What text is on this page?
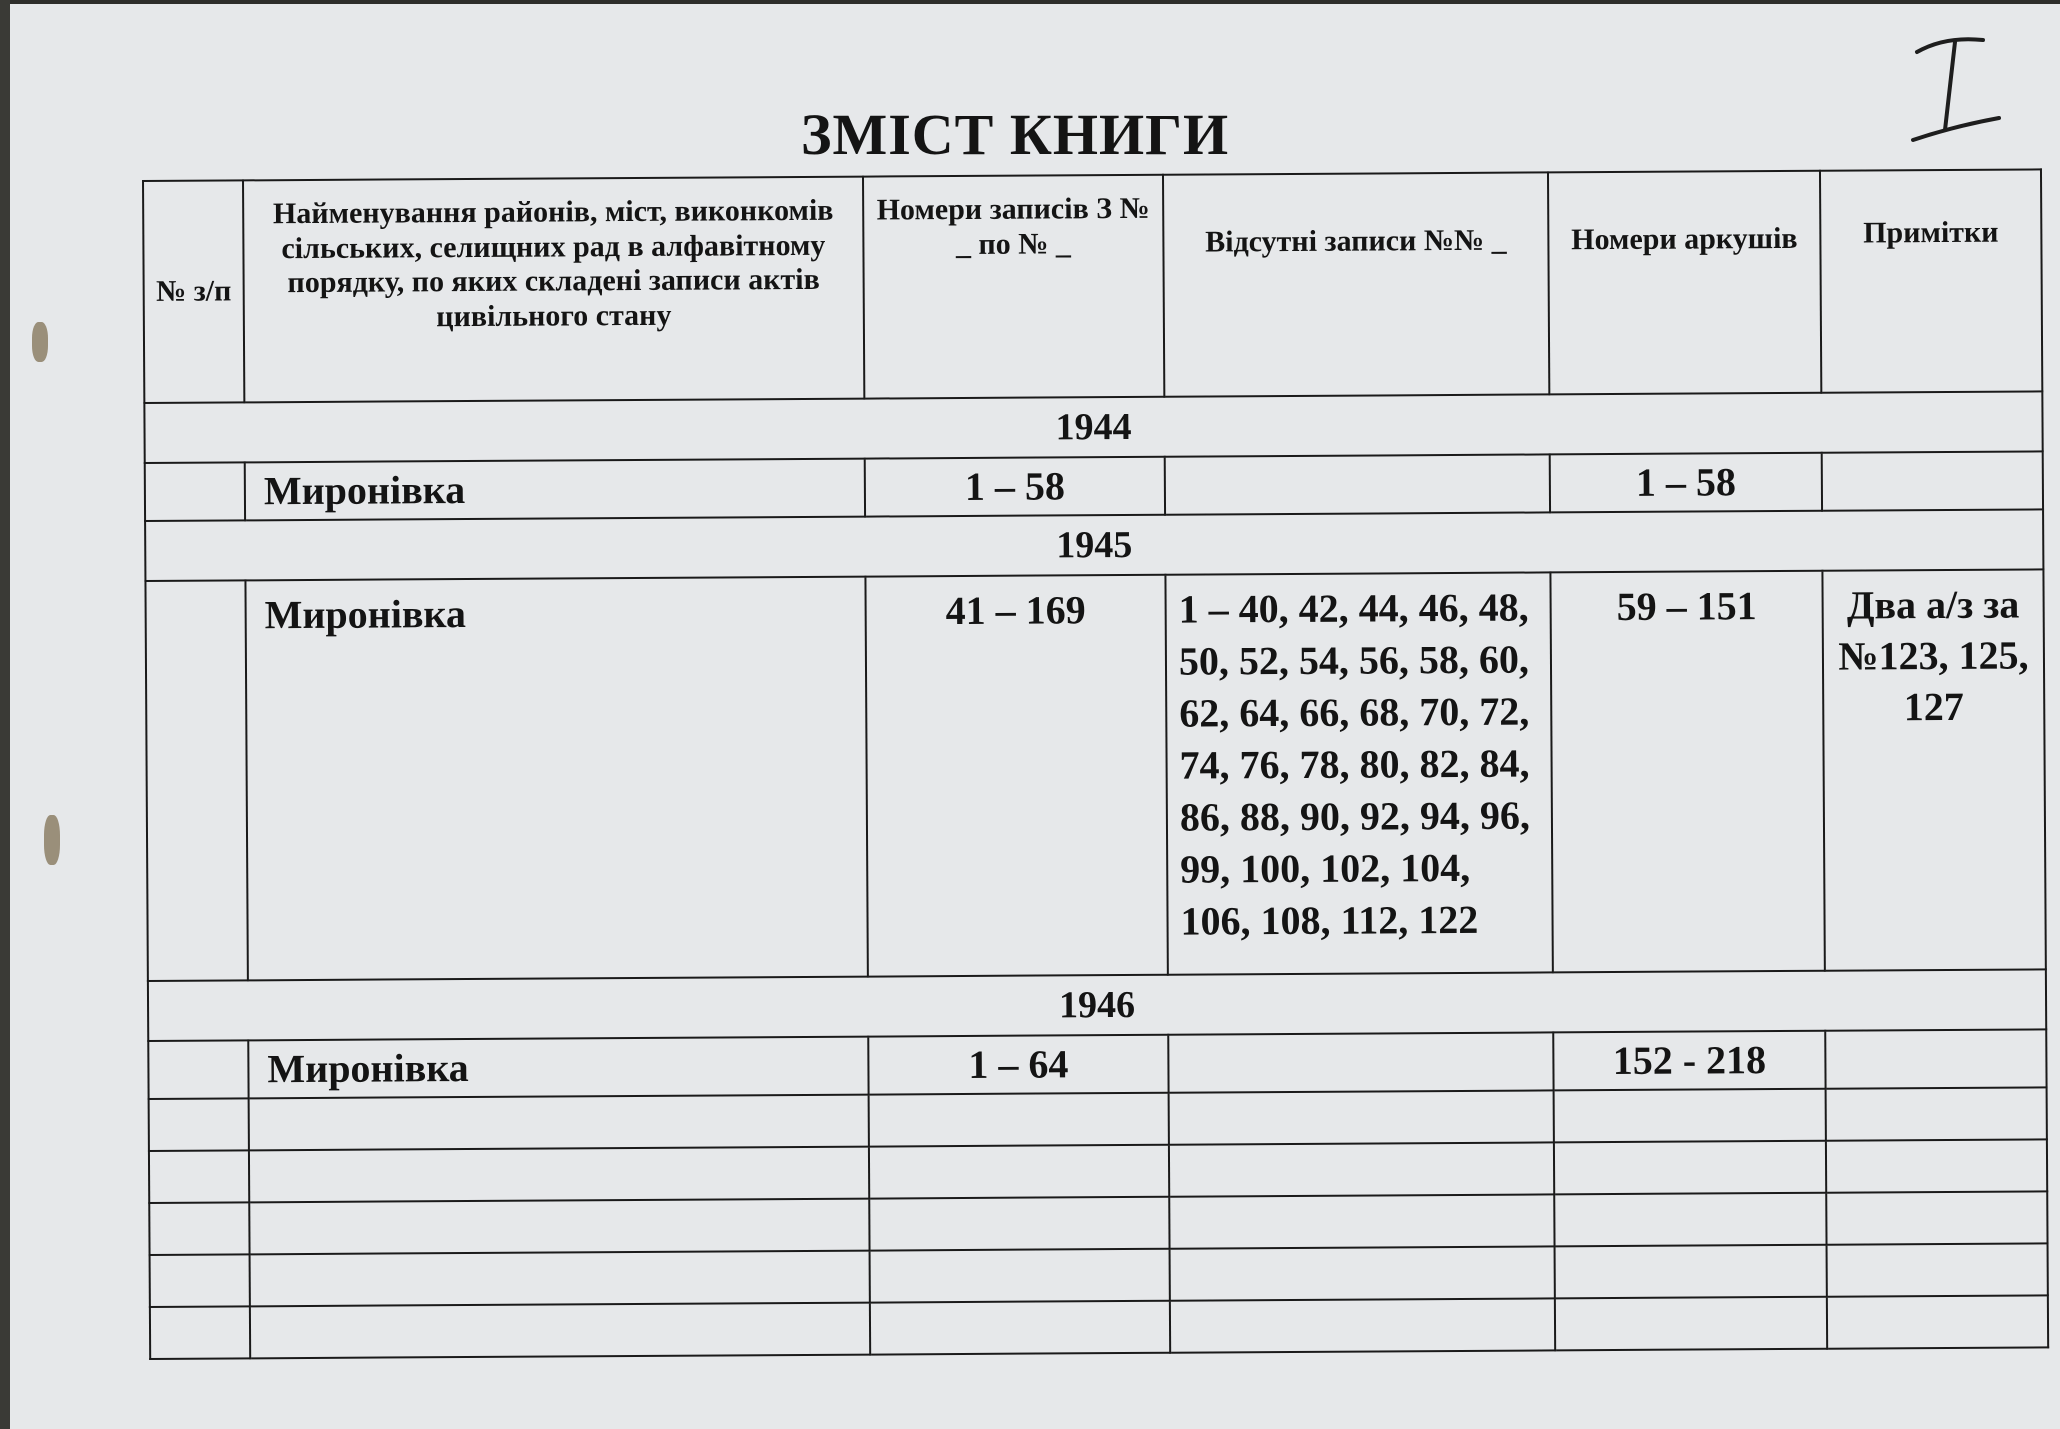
ЗМІСТ КНИГИ
I
№ з/п	Найменування районів, міст, виконкомів сільських, селищних рад в алфавітному порядку, по яких складені записи актів цивільного стану	Номери записів З № _ по № _	Відсутні записи №№ _	Номери аркушів	Примітки
1944					
	Миронівка	1 – 58		1 – 58	
1945					
	Миронівка	41 – 169	1 – 40, 42, 44, 46, 48, 50, 52, 54, 56, 58, 60, 62, 64, 66, 68, 70, 72, 74, 76, 78, 80, 82, 84, 86, 88, 90, 92, 94, 96, 99, 100, 102, 104, 106, 108, 112, 122	59 – 151	Два а/з за №123, 125, 127
1946					
	Миронівка	1 – 64		152 - 218	
